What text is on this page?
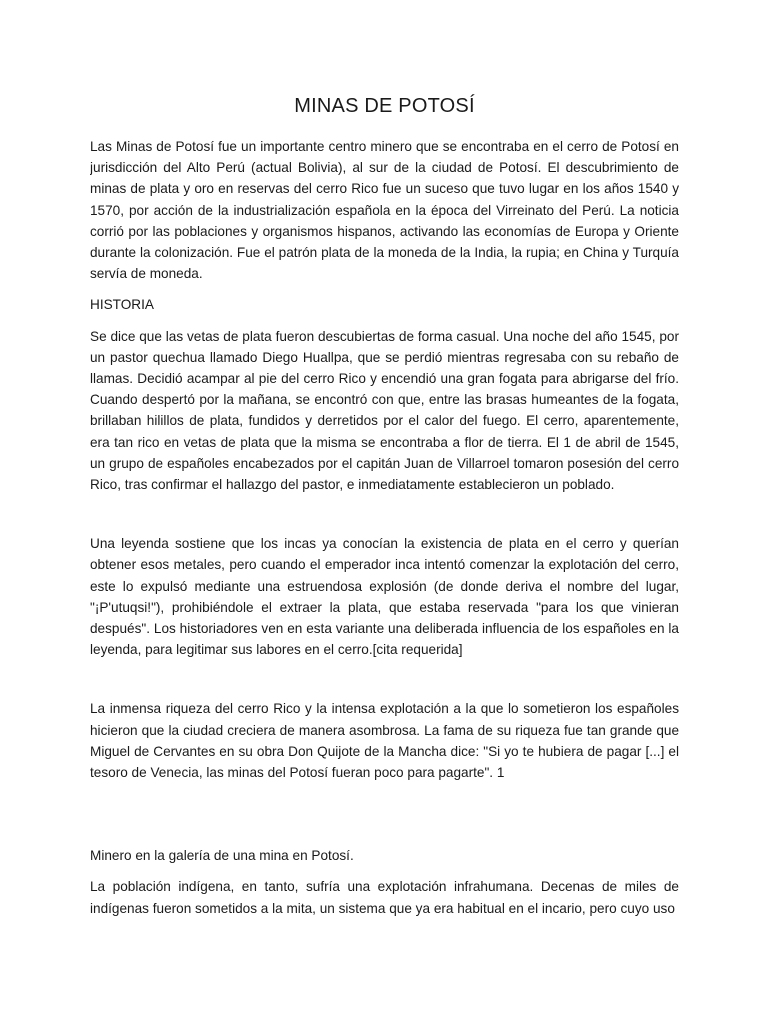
MINAS DE POTOSÍ

Las Minas de Potosí fue un importante centro minero que se encontraba en el cerro de Potosí en jurisdicción del Alto Perú (actual Bolivia), al sur de la ciudad de Potosí. El descubrimiento de minas de plata y oro en reservas del cerro Rico fue un suceso que tuvo lugar en los años 1540 y 1570, por acción de la industrialización española en la época del Virreinato del Perú. La noticia corrió por las poblaciones y organismos hispanos, activando las economías de Europa y Oriente durante la colonización. Fue el patrón plata de la moneda de la India, la rupia; en China y Turquía servía de moneda.

HISTORIA

Se dice que las vetas de plata fueron descubiertas de forma casual. Una noche del año 1545, por un pastor quechua llamado Diego Huallpa, que se perdió mientras regresaba con su rebaño de llamas. Decidió acampar al pie del cerro Rico y encendió una gran fogata para abrigarse del frío. Cuando despertó por la mañana, se encontró con que, entre las brasas humeantes de la fogata, brillaban hilillos de plata, fundidos y derretidos por el calor del fuego. El cerro, aparentemente, era tan rico en vetas de plata que la misma se encontraba a flor de tierra. El 1 de abril de 1545, un grupo de españoles encabezados por el capitán Juan de Villarroel tomaron posesión del cerro Rico, tras confirmar el hallazgo del pastor, e inmediatamente establecieron un poblado.

Una leyenda sostiene que los incas ya conocían la existencia de plata en el cerro y querían obtener esos metales, pero cuando el emperador inca intentó comenzar la explotación del cerro, este lo expulsó mediante una estruendosa explosión (de donde deriva el nombre del lugar, "¡P'utuqsi!"), prohibiéndole el extraer la plata, que estaba reservada "para los que vinieran después". Los historiadores ven en esta variante una deliberada influencia de los españoles en la leyenda, para legitimar sus labores en el cerro.[cita requerida]

La inmensa riqueza del cerro Rico y la intensa explotación a la que lo sometieron los españoles hicieron que la ciudad creciera de manera asombrosa. La fama de su riqueza fue tan grande que Miguel de Cervantes en su obra Don Quijote de la Mancha dice: "Si yo te hubiera de pagar [...] el tesoro de Venecia, las minas del Potosí fueran poco para pagarte". 1

Minero en la galería de una mina en Potosí.

La población indígena, en tanto, sufría una explotación infrahumana. Decenas de miles de indígenas fueron sometidos a la mita, un sistema que ya era habitual en el incario, pero cuyo uso
